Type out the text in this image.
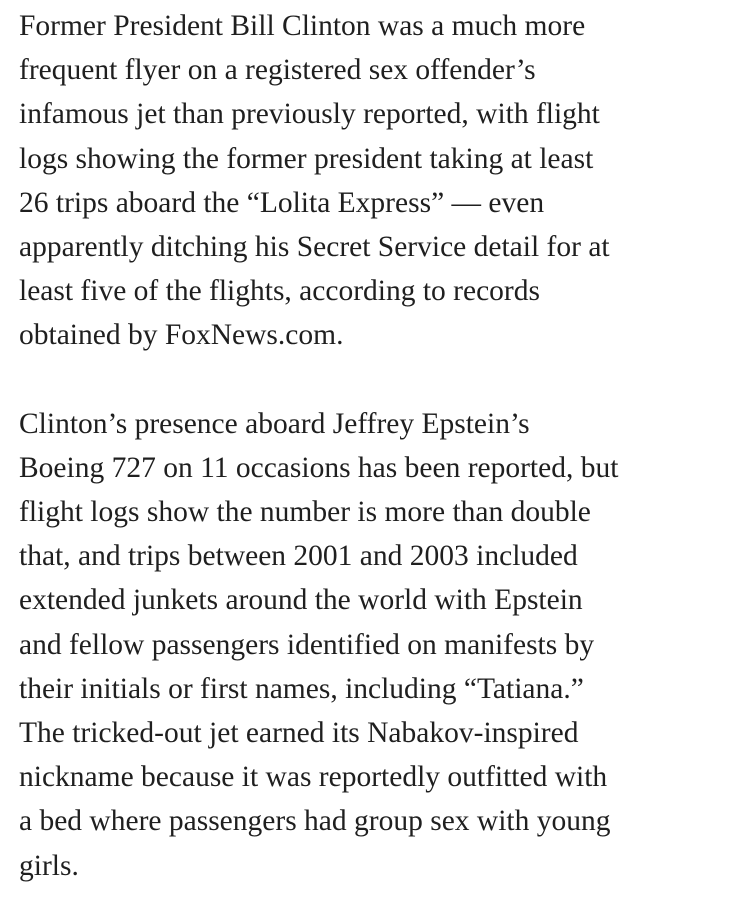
Former President Bill Clinton was a much more
frequent flyer on a registered sex offender’s
infamous jet than previously reported, with flight
logs showing the former president taking at least
26 trips aboard the “Lolita Express” — even
apparently ditching his Secret Service detail for at
least five of the flights, according to records
obtained by FoxNews.com.

Clinton’s presence aboard Jeffrey Epstein’s
Boeing 727 on 11 occasions has been reported, but
flight logs show the number is more than double
that, and trips between 2001 and 2003 included
extended junkets around the world with Epstein
and fellow passengers identified on manifests by
their initials or first names, including “Tatiana.”
The tricked-out jet earned its Nabakov-inspired
nickname because it was reportedly outfitted with
a bed where passengers had group sex with young
girls.
